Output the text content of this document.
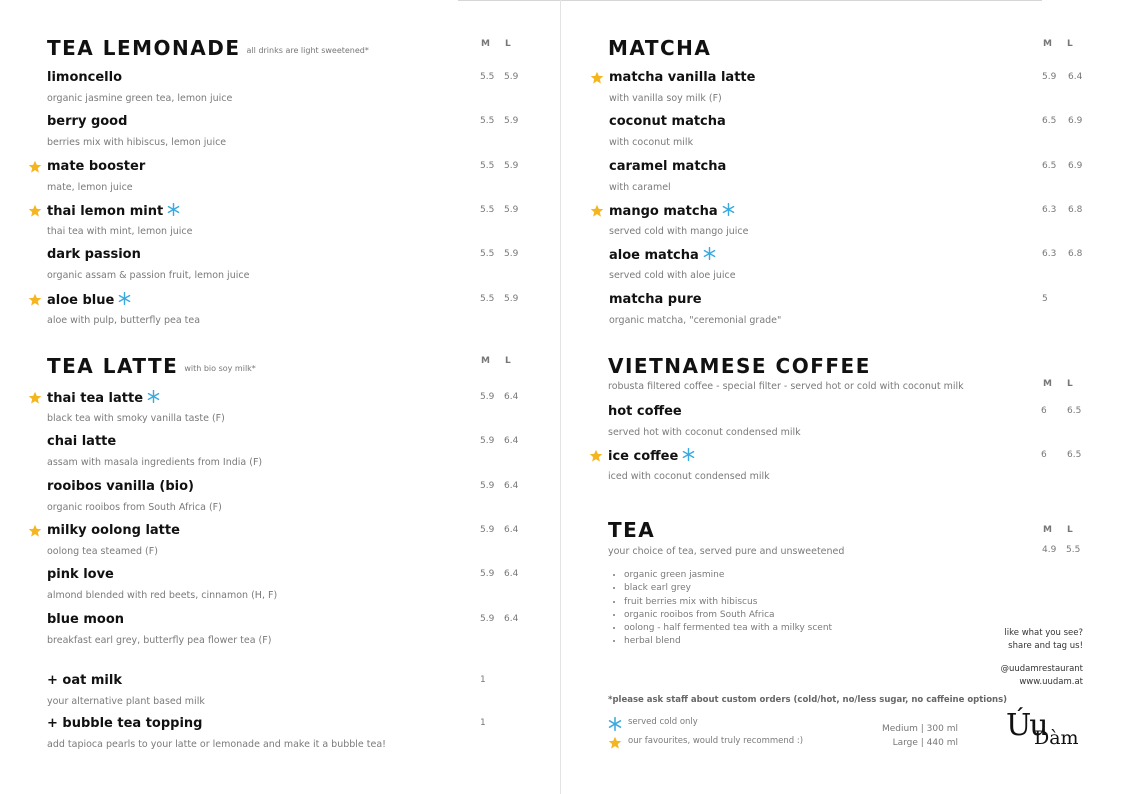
TEA LEMONADE $^{all drinks are light sweetened*}$
M L
limoncello
organic jasmine green tea, lemon juice
5.5 5.9
berry good
berries mix with hibiscus, lemon juice
5.5 5.9
mate booster
mate, lemon juice
5.5 5.9
thai lemon mint
thai tea with mint, lemon juice
5.5 5.9
dark passion
organic assam & passion fruit, lemon juice
5.5 5.9
aloe blue
aloe with pulp, butterfly pea tea
5.5 5.9
TEA LATTE $^{with bio soy milk*}$
M L
thai tea latte
black tea with smoky vanilla taste (F)
5.9 6.4
chai latte
assam with masala ingredients from India (F)
5.9 6.4
rooibos vanilla (bio)
organic rooibos from South Africa (F)
5.9 6.4
milky oolong latte
oolong tea steamed (F)
5.9 6.4
pink love
almond blended with red beets, cinnamon (H, F)
5.9 6.4
blue moon
breakfast earl grey, butterfly pea flower tea (F)
5.9 6.4
+ oat milk
your alternative plant based milk
1
+ bubble tea topping
add tapioca pearls to your latte or lemonade and make it a bubble tea!
1
MATCHA	M L
matcha vanilla latte
with vanilla soy milk (F)
5.9 6.4
coconut matcha
with coconut milk
6.5 6.9
caramel matcha
with caramel
6.5 6.9
mango matcha
served cold with mango juice
6.3 6.8
aloe matcha
served cold with aloe juice
6.3 6.8
matcha pure
organic matcha, "ceremonial grade"
5
VIETNAMESE COFFEE
robusta filtered coffee - special filter - served hot or cold with coconut milk	M L
hot coffee
served hot with coconut condensed milk
6 6.5
ice coffee
iced with coconut condensed milk
6 6.5
TEA	M L
your choice of tea, served pure and unsweetened	4.9 5.5
• organic green jasmine
• black earl grey
• fruit berries mix with hibiscus
• organic rooibos from South Africa
• oolong - half fermented tea with a milky scent
• herbal blend
*please ask staff about custom orders (cold/hot, no/less sugar, no caffeine options)
served cold only
our favourites, would truly recommend :)
Medium | 300 ml
Large | 440 ml
like what you see?
share and tag us!
@uudamrestaurant
www.uudam.at
Úu
Dàm
